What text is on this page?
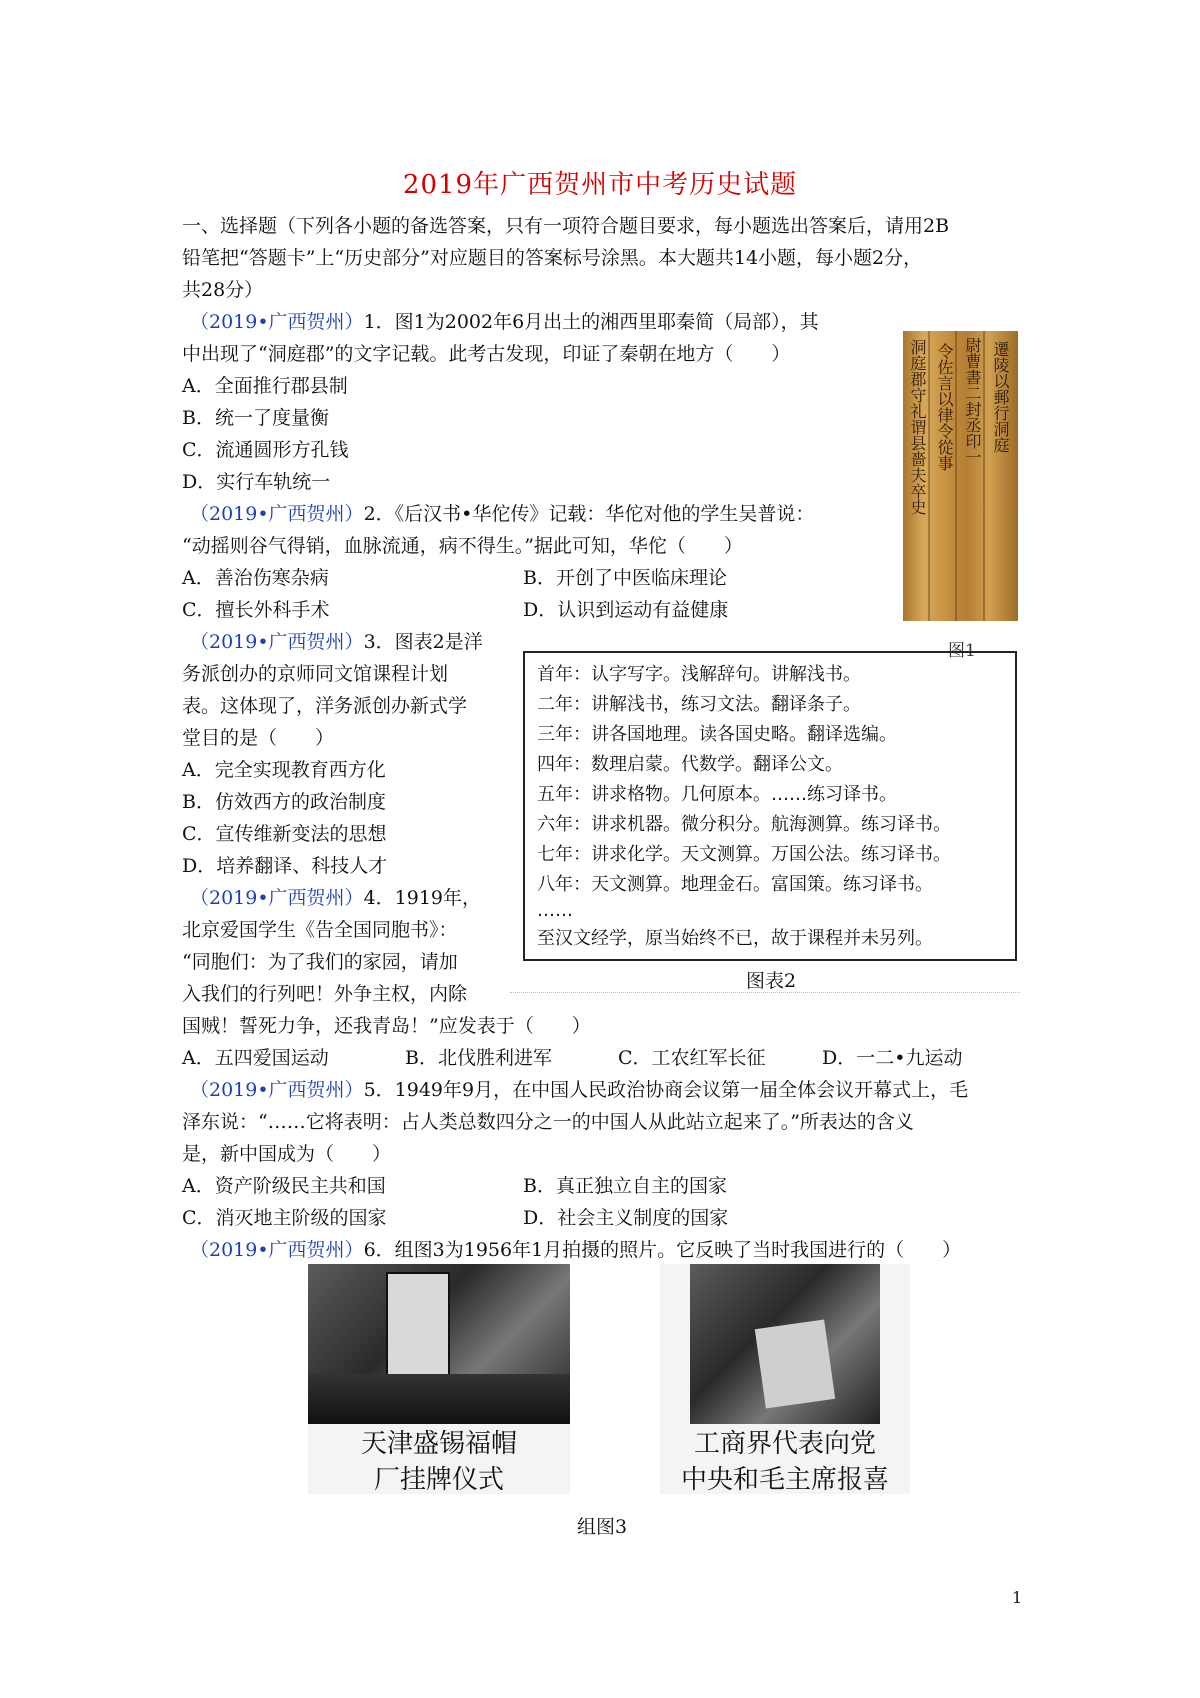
2019年广西贺州市中考历史试题
一、选择题（下列各小题的备选答案，只有一项符合题目要求，每小题选出答案后，请用2B
铅笔把“答题卡”上“历史部分”对应题目的答案标号涂黑。本大题共14小题，每小题2分，
共28分）
（2019•广西贺州）1．图1为2002年6月出土的湘西里耶秦简（局部），其
中出现了“洞庭郡”的文字记载。此考古发现，印证了秦朝在地方（　　）
A．全面推行郡县制
B．统一了度量衡
C．流通圆形方孔钱
D．实行车轨统一	洞庭郡守礼谓县嗇夫卒史 令佐言以律令從事 尉曹書二封丞印一 遷陵以郵行洞庭
图1
（2019•广西贺州）2．《后汉书•华佗传》记载：华佗对他的学生吴普说：
“动摇则谷气得销，血脉流通，病不得生。”据此可知，华佗（　　）
A．善治伤寒杂病	B．开创了中医临床理论
C．擅长外科手术	D．认识到运动有益健康
（2019•广西贺州）3．图表2是洋
务派创办的京师同文馆课程计划
表。这体现了，洋务派创办新式学
堂目的是（　　）
A．完全实现教育西方化
B．仿效西方的政治制度
C．宣传维新变法的思想
D．培养翻译、科技人才
首年：认字写字。浅解辞句。讲解浅书。
二年：讲解浅书，练习文法。翻译条子。
三年：讲各国地理。读各国史略。翻译选编。
四年：数理启蒙。代数学。翻译公文。
五年：讲求格物。几何原本。……练习译书。
六年：讲求机器。微分积分。航海测算。练习译书。
七年：讲求化学。天文测算。万国公法。练习译书。
八年：天文测算。地理金石。富国策。练习译书。
……
至汉文经学，原当始终不已，故于课程并未另列。
图表2
（2019•广西贺州）4．1919年，
北京爱国学生《告全国同胞书》：
“同胞们：为了我们的家园，请加
入我们的行列吧！外争主权，内除
国贼！誓死力争，还我青岛！”应发表于（　　）
A．五四爱国运动	B．北伐胜利进军	C．工农红军长征	D．一二•九运动
（2019•广西贺州）5．1949年9月，在中国人民政治协商会议第一届全体会议开幕式上，毛
泽东说：“……它将表明：占人类总数四分之一的中国人从此站立起来了。”所表达的含义
是，新中国成为（　　）
A．资产阶级民主共和国	B．真正独立自主的国家
C．消灭地主阶级的国家	D．社会主义制度的国家
（2019•广西贺州）6．组图3为1956年1月拍摄的照片。它反映了当时我国进行的（　　）
天津盛锡福帽
厂挂牌仪式
工商界代表向党
中央和毛主席报喜
组图3
1
